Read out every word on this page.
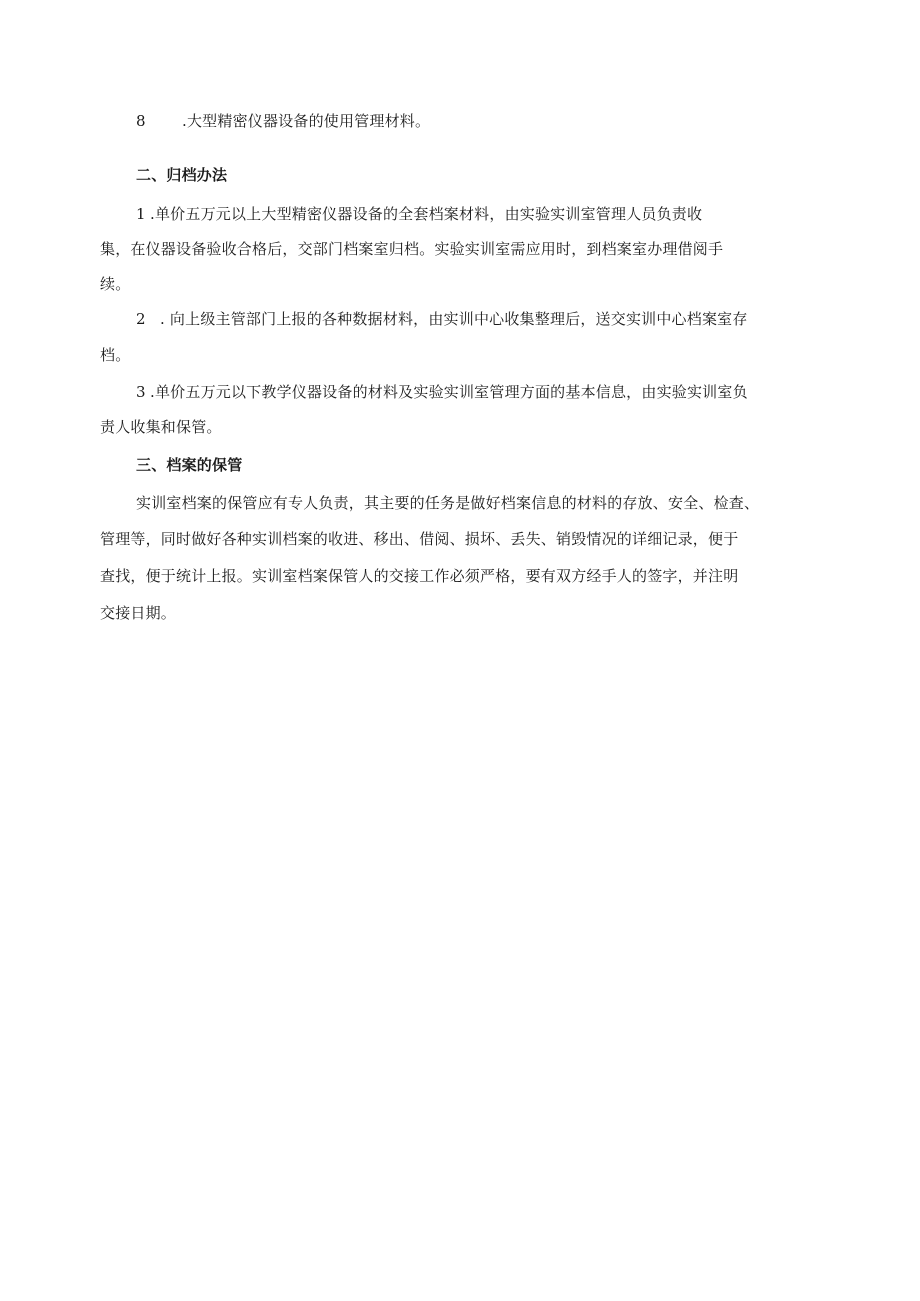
8 .大型精密仪器设备的使用管理材料。
二、归档办法
1 .单价五万元以上大型精密仪器设备的全套档案材料，由实验实训室管理人员负责收
集，在仪器设备验收合格后，交部门档案室归档。实验实训室需应用时，到档案室办理借阅手
续。
2 . 向上级主管部门上报的各种数据材料，由实训中心收集整理后，送交实训中心档案室存
档。
3 .单价五万元以下教学仪器设备的材料及实验实训室管理方面的基本信息，由实验实训室负
责人收集和保管。
三、档案的保管
实训室档案的保管应有专人负责，其主要的任务是做好档案信息的材料的存放、安全、检查、
管理等，同时做好各种实训档案的收进、移出、借阅、损坏、丢失、销毁情况的详细记录，便于
查找，便于统计上报。实训室档案保管人的交接工作必须严格，要有双方经手人的签字，并注明
交接日期。
